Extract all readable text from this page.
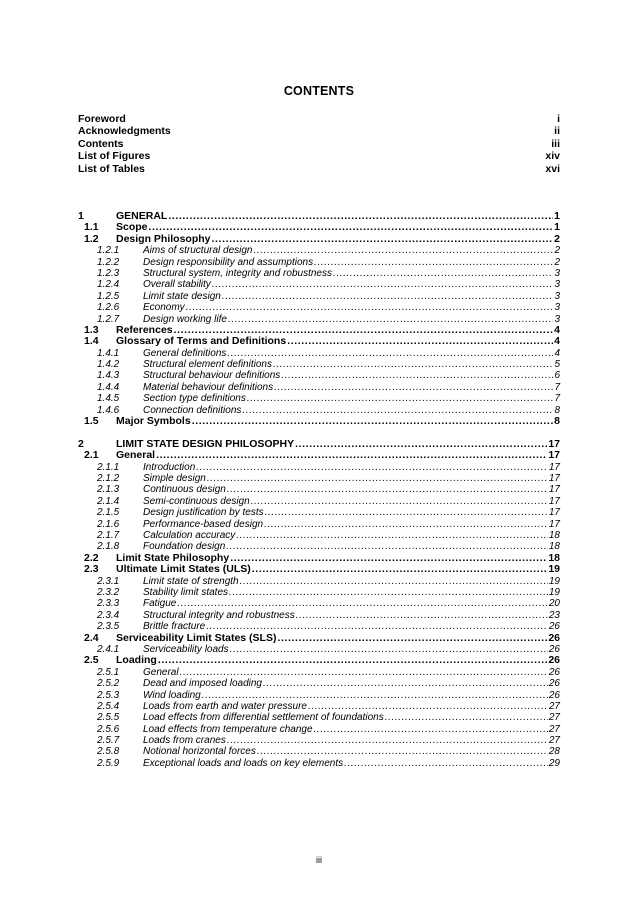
CONTENTS
Foreword	i
Acknowledgments	ii
Contents	iii
List of Figures	xiv
List of Tables	xvi
1	GENERAL .....	1
1.1	Scope .....	1
1.2	Design Philosophy .....	2
1.2.1	Aims of structural design .....	2
1.2.2	Design responsibility and assumptions .....	2
1.2.3	Structural system, integrity and robustness .....	3
1.2.4	Overall stability .....	3
1.2.5	Limit state design .....	3
1.2.6	Economy .....	3
1.2.7	Design working life .....	3
1.3	References .....	4
1.4	Glossary of Terms and Definitions .....	4
1.4.1	General definitions .....	4
1.4.2	Structural element definitions .....	5
1.4.3	Structural behaviour definitions .....	6
1.4.4	Material behaviour definitions .....	7
1.4.5	Section type definitions .....	7
1.4.6	Connection definitions .....	8
1.5	Major Symbols .....	8
2	LIMIT STATE DESIGN PHILOSOPHY .....	17
2.1	General .....	17
2.1.1	Introduction .....	17
2.1.2	Simple design .....	17
2.1.3	Continuous design .....	17
2.1.4	Semi-continuous design .....	17
2.1.5	Design justification by tests .....	17
2.1.6	Performance-based design .....	17
2.1.7	Calculation accuracy .....	18
2.1.8	Foundation design .....	18
2.2	Limit State Philosophy .....	18
2.3	Ultimate Limit States (ULS) .....	19
2.3.1	Limit state of strength .....	19
2.3.2	Stability limit states .....	19
2.3.3	Fatigue .....	20
2.3.4	Structural integrity and robustness .....	23
2.3.5	Brittle fracture .....	26
2.4	Serviceability Limit States (SLS) .....	26
2.4.1	Serviceability loads .....	26
2.5	Loading .....	26
2.5.1	General .....	26
2.5.2	Dead and imposed loading .....	26
2.5.3	Wind loading .....	26
2.5.4	Loads from earth and water pressure .....	27
2.5.5	Load effects from differential settlement of foundations .....	27
2.5.6	Load effects from temperature change .....	27
2.5.7	Loads from cranes .....	27
2.5.8	Notional horizontal forces .....	28
2.5.9	Exceptional loads and loads on key elements .....	29
iii
